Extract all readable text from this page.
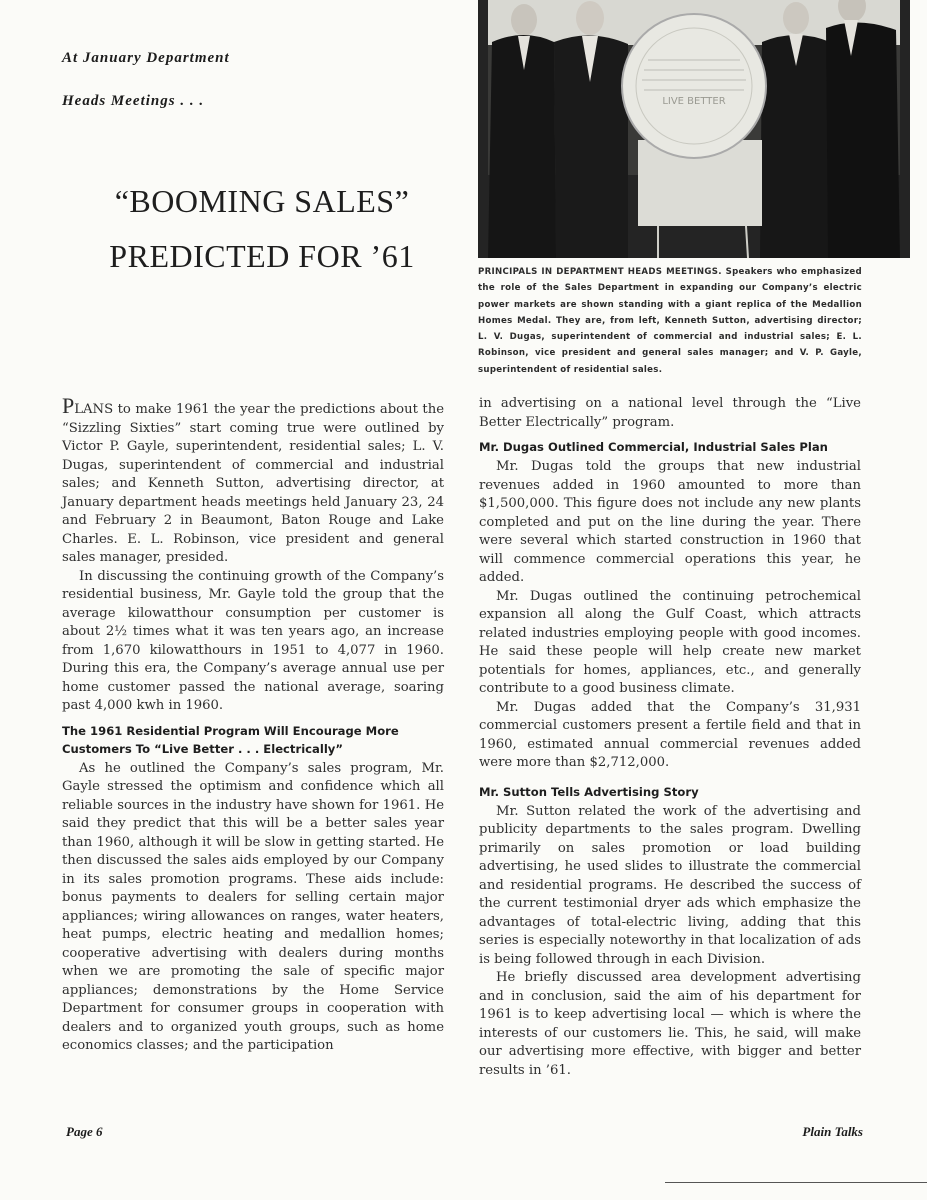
At January Department
Heads Meetings . . .
“BOOMING SALES”
PREDICTED FOR ’61
LIVE BETTER
PRINCIPALS IN DEPARTMENT HEADS MEETINGS. Speakers who emphasized the role of the Sales Department in expanding our Company’s electric power markets are shown standing with a giant replica of the Medallion Homes Medal. They are, from left, Kenneth Sutton, advertising director; L. V. Dugas, superintendent of commercial and industrial sales; E. L. Robinson, vice president and general sales manager; and V. P. Gayle, superintendent of residential sales.

PLANS to make 1961 the year the predictions about the “Sizzling Sixties” start coming true were outlined by Victor P. Gayle, superintendent, residential sales; L. V. Dugas, superintendent of commercial and industrial sales; and Kenneth Sutton, advertising director, at January department heads meetings held January 23, 24 and February 2 in Beaumont, Baton Rouge and Lake Charles. E. L. Robinson, vice president and general sales manager, presided.

In discussing the continuing growth of the Company’s residential business, Mr. Gayle told the group that the average kilowatthour consumption per customer is about 2½ times what it was ten years ago, an increase from 1,670 kilowatthours in 1951 to 4,077 in 1960. During this era, the Company’s average annual use per home customer passed the national average, soaring past 4,000 kwh in 1960.

The 1961 Residential Program Will Encourage More Customers To “Live Better . . . Electrically”

As he outlined the Company’s sales program, Mr. Gayle stressed the optimism and confidence which all reliable sources in the industry have shown for 1961. He said they predict that this will be a better sales year than 1960, although it will be slow in getting started. He then discussed the sales aids employed by our Company in its sales promotion programs. These aids include: bonus payments to dealers for selling certain major appliances; wiring allowances on ranges, water heaters, heat pumps, electric heating and medallion homes; cooperative advertising with dealers during months when we are promoting the sale of specific major appliances; demonstrations by the Home Service Department for consumer groups in cooperation with dealers and to organized youth groups, such as home economics classes; and the participation

in advertising on a national level through the “Live Better Electrically” program.

Mr. Dugas Outlined Commercial, Industrial Sales Plan

Mr. Dugas told the groups that new industrial revenues added in 1960 amounted to more than $1,500,000. This figure does not include any new plants completed and put on the line during the year. There were several which started construction in 1960 that will commence commercial operations this year, he added.

Mr. Dugas outlined the continuing petrochemical expansion all along the Gulf Coast, which attracts related industries employing people with good incomes. He said these people will help create new market potentials for homes, appliances, etc., and generally contribute to a good business climate.

Mr. Dugas added that the Company’s 31,931 commercial customers present a fertile field and that in 1960, estimated annual commercial revenues added were more than $2,712,000.

Mr. Sutton Tells Advertising Story

Mr. Sutton related the work of the advertising and publicity departments to the sales program. Dwelling primarily on sales promotion or load building advertising, he used slides to illustrate the commercial and residential programs. He described the success of the current testimonial dryer ads which emphasize the advantages of total-electric living, adding that this series is especially noteworthy in that localization of ads is being followed through in each Division.

He briefly discussed area development advertising and in conclusion, said the aim of his department for 1961 is to keep advertising local — which is where the interests of our customers lie. This, he said, will make our advertising more effective, with bigger and better results in ’61.

Page 6	Plain Talks
